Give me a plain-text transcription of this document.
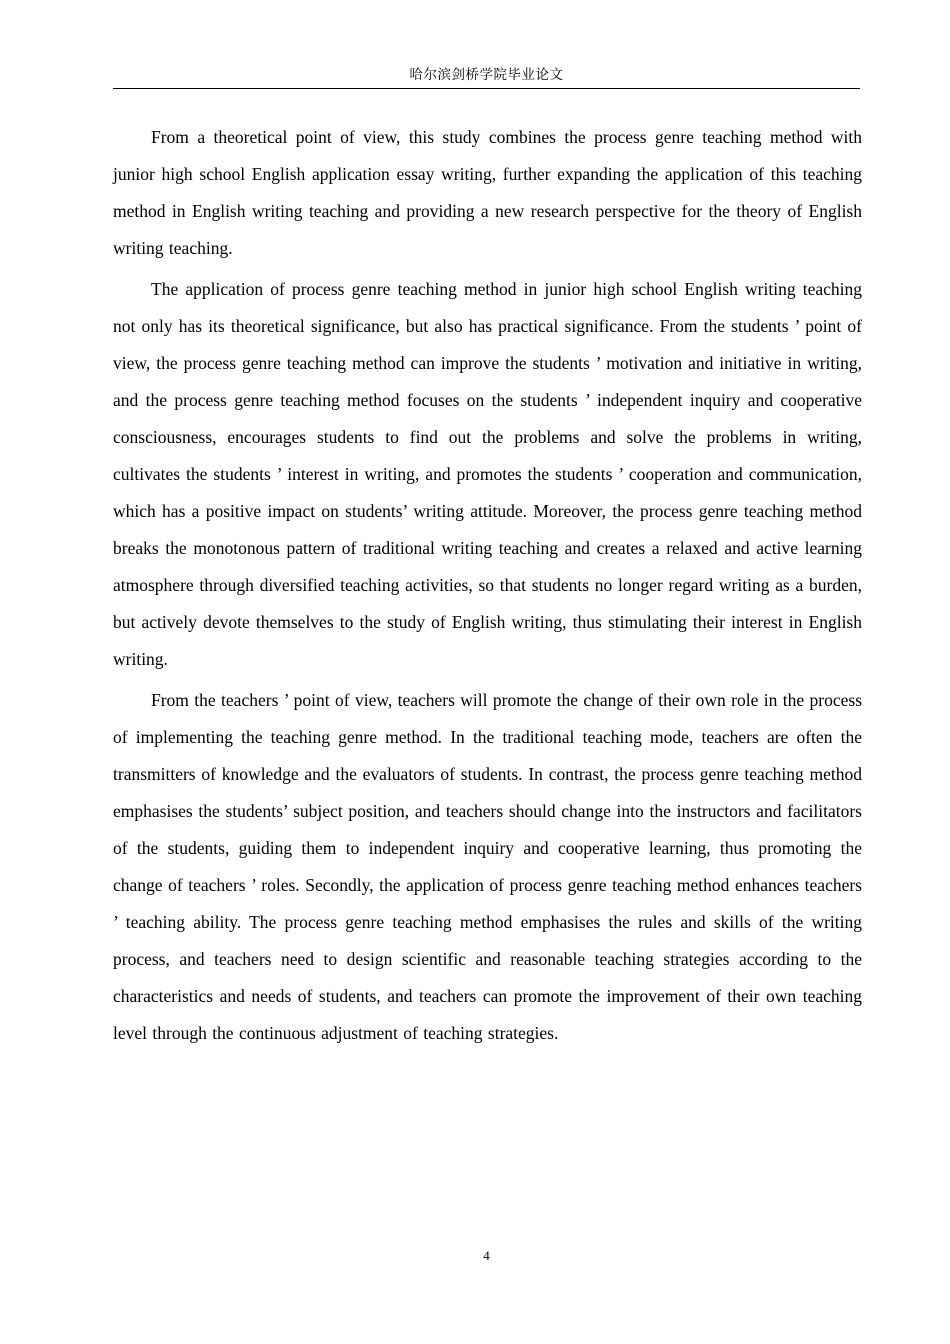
哈尔滨剑桥学院毕业论文

From a theoretical point of view, this study combines the process genre teaching method with junior high school English application essay writing, further expanding the application of this teaching method in English writing teaching and providing a new research perspective for the theory of English writing teaching.

The application of process genre teaching method in junior high school English writing teaching not only has its theoretical significance, but also has practical significance. From the students ’ point of view, the process genre teaching method can improve the students ’ motivation and initiative in writing, and the process genre teaching method focuses on the students ’ independent inquiry and cooperative consciousness, encourages students to find out the problems and solve the problems in writing, cultivates the students ’ interest in writing, and promotes the students ’ cooperation and communication, which has a positive impact on students’ writing attitude. Moreover, the process genre teaching method breaks the monotonous pattern of traditional writing teaching and creates a relaxed and active learning atmosphere through diversified teaching activities, so that students no longer regard writing as a burden, but actively devote themselves to the study of English writing, thus stimulating their interest in English writing.

From the teachers ’ point of view, teachers will promote the change of their own role in the process of implementing the teaching genre method. In the traditional teaching mode, teachers are often the transmitters of knowledge and the evaluators of students. In contrast, the process genre teaching method emphasises the students’ subject position, and teachers should change into the instructors and facilitators of the students, guiding them to independent inquiry and cooperative learning, thus promoting the change of teachers ’ roles. Secondly, the application of process genre teaching method enhances teachers ’ teaching ability. The process genre teaching method emphasises the rules and skills of the writing process, and teachers need to design scientific and reasonable teaching strategies according to the characteristics and needs of students, and teachers can promote the improvement of their own teaching level through the continuous adjustment of teaching strategies.

4
